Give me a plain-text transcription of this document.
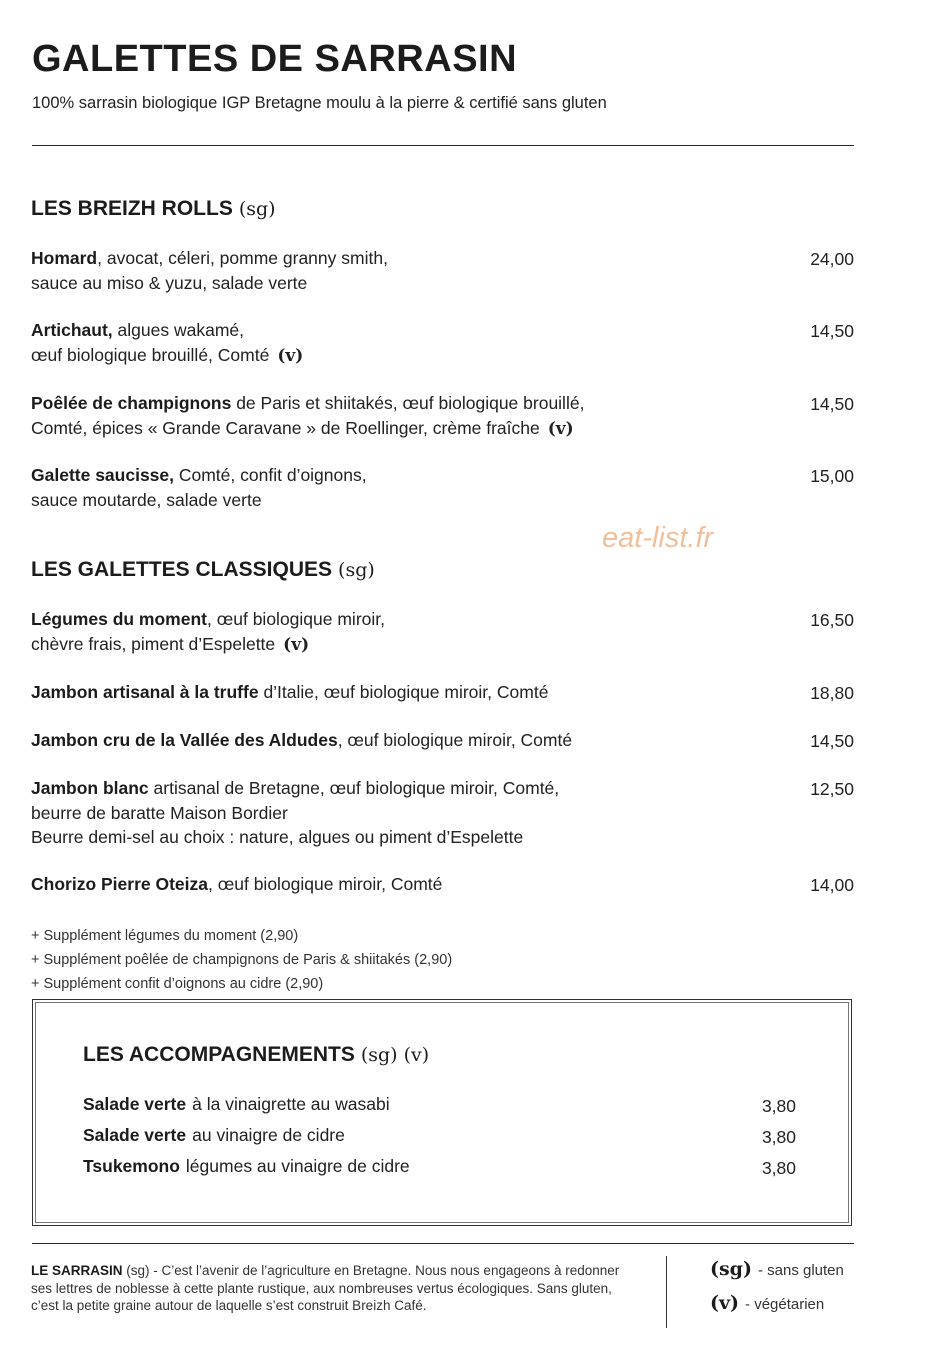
GALETTES DE SARRASIN
100% sarrasin biologique IGP Bretagne moulu à la pierre & certifié sans gluten
LES BREIZH ROLLS (sg)
Homard, avocat, céleri, pomme granny smith,
sauce au miso & yuzu, salade verte
24,00
Artichaut, algues wakamé,
œuf biologique brouillé, Comté (v)
14,50
Poêlée de champignons de Paris et shiitakés, œuf biologique brouillé,
Comté, épices « Grande Caravane » de Roellinger, crème fraîche (v)
14,50
Galette saucisse, Comté, confit d’oignons,
sauce moutarde, salade verte
15,00
eat-list.fr
LES GALETTES CLASSIQUES (sg)
Légumes du moment, œuf biologique miroir,
chèvre frais, piment d’Espelette (v)
16,50
Jambon artisanal à la truffe d’Italie, œuf biologique miroir, Comté	18,80
Jambon cru de la Vallée des Aldudes, œuf biologique miroir, Comté	14,50
Jambon blanc artisanal de Bretagne, œuf biologique miroir, Comté,
beurre de baratte Maison Bordier
Beurre demi-sel au choix : nature, algues ou piment d’Espelette
12,50
Chorizo Pierre Oteiza, œuf biologique miroir, Comté	14,00
+ Supplément légumes du moment (2,90)
+ Supplément poêlée de champignons de Paris & shiitakés (2,90)
+ Supplément confit d’oignons au cidre (2,90)
LES ACCOMPAGNEMENTS (sg) (v)
Salade verte à la vinaigrette au wasabi	3,80
Salade verte au vinaigre de cidre	3,80
Tsukemono légumes au vinaigre de cidre	3,80
LE SARRASIN (sg) - C’est l’avenir de l’agriculture en Bretagne. Nous nous engageons à redonner ses lettres de noblesse à cette plante rustique, aux nombreuses vertus écologiques. Sans gluten, c’est la petite graine autour de laquelle s’est construit Breizh Café.
(sg) - sans gluten
(v) - végétarien
